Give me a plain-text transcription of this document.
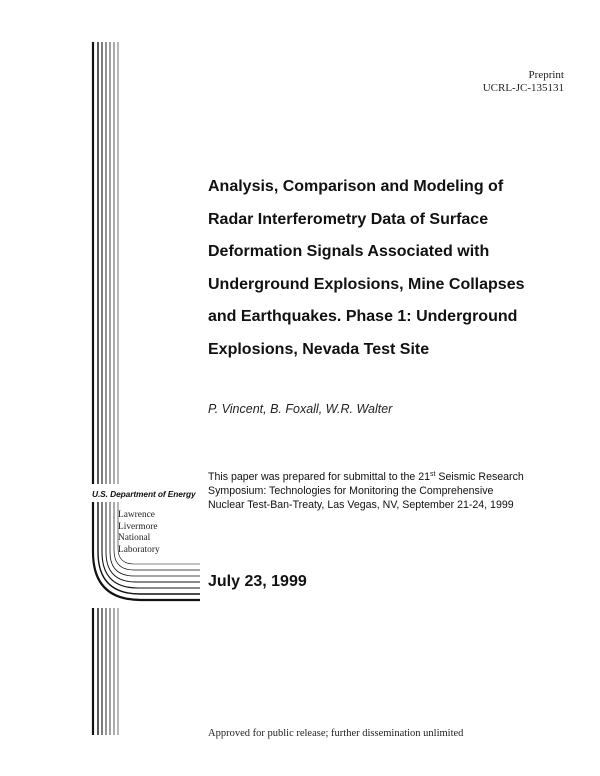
U.S. Department of Energy
Lawrence
Livermore
National
Laboratory
Preprint
UCRL-JC-135131
Analysis, Comparison and Modeling of
Radar Interferometry Data of Surface
Deformation Signals Associated with
Underground Explosions, Mine Collapses
and Earthquakes. Phase 1: Underground
Explosions, Nevada Test Site
P. Vincent, B. Foxall, W.R. Walter
This paper was prepared for submittal to the 21st Seismic Research
Symposium: Technologies for Monitoring the Comprehensive
Nuclear Test-Ban-Treaty, Las Vegas, NV, September 21-24, 1999
July 23, 1999
Approved for public release; further dissemination unlimited
